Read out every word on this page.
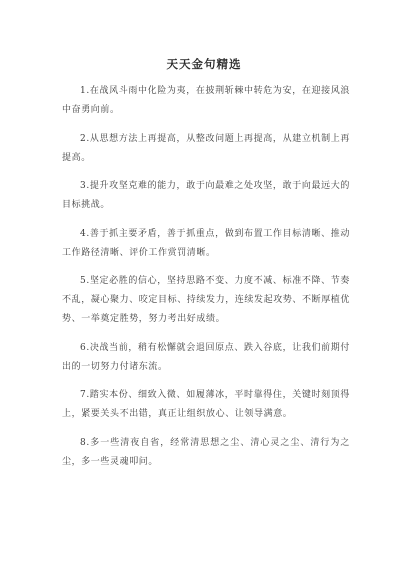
天天金句精选

1.在战风斗雨中化险为夷，在披荆斩棘中转危为安，在迎接风浪中奋勇向前。

2.从思想方法上再提高，从整改问题上再提高，从建立机制上再提高。

3.提升攻坚克难的能力，敢于向最难之处攻坚，敢于向最远大的目标挑战。

4.善于抓主要矛盾，善于抓重点，做到布置工作目标清晰、推动工作路径清晰、评价工作赏罚清晰。

5.坚定必胜的信心，坚持思路不变、力度不减、标准不降、节奏不乱，凝心聚力、咬定目标、持续发力，连续发起攻势、不断厚植优势、一举奠定胜势，努力考出好成绩。

6.决战当前，稍有松懈就会退回原点、跌入谷底，让我们前期付出的一切努力付诸东流。

7.踏实本份、细致入微、如履薄冰，平时靠得住，关键时刻顶得上，紧要关头不出错，真正让组织放心、让领导满意。

8.多一些清夜自省，经常清思想之尘、清心灵之尘、清行为之尘，多一些灵魂叩问。
